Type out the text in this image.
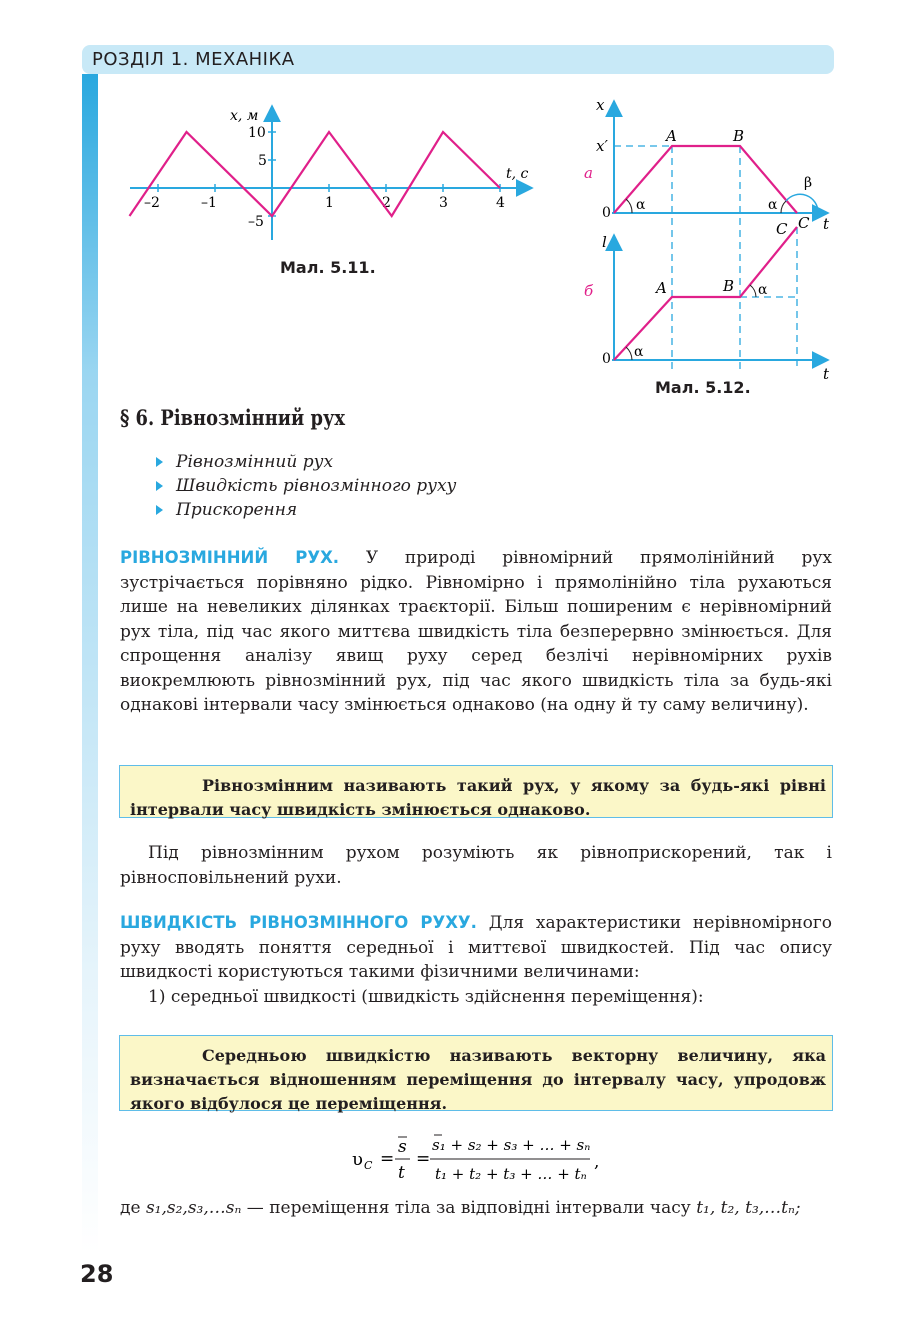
РОЗДІЛ 1. МЕХАНІКА
–2	–1	1	2	3	4
10
5
–5
x, м
t, с
Мал. 5.11.
x
x′
а
0
A	B
C
α	α
β
t
l
б
0
A	B
C
α
α
t
Мал. 5.12.
§ 6. Рівнозмінний рух
Рівнозмінний рух
Швидкість рівнозмінного руху
Прискорення
РІВНОЗМІННИЙ РУХ. У природі рівномірний прямолінійний рух зустрічається порівняно рідко. Рівномірно і прямолінійно тіла рухаються лише на невеликих ділянках траєкторії. Більш поширеним є нерівномірний рух тіла, під час якого миттєва швидкість тіла безперервно змінюється. Для спрощення аналізу явищ руху серед безлічі нерівномірних рухів виокремлюють рівнозмінний рух, під час якого швидкість тіла за будь-які однакові інтервали часу змінюється однаково (на одну й ту саму величину).
Рівнозмінним називають такий рух, у якому за будь-які рівні інтервали часу швидкість змінюється однаково.
Під рівнозмінним рухом розуміють як рівноприскорений, так і рівносповільнений рухи.
ШВИДКІСТЬ РІВНОЗМІННОГО РУХУ. Для характеристики нерівномірного руху вводять поняття середньої і миттєвої швидкостей. Під час опису швидкості користуються такими фізичними величинами:
1) середньої швидкості (швидкість здійснення переміщення):
Середньою швидкістю називають векторну величину, яка визначається відношенням переміщення до інтервалу часу, упродовж якого відбулося це переміщення.
υ C =
s
t
=
s₁ + s₂ + s₃ + … + sₙ
t₁ + t₂ + t₃ + … + tₙ
,
де s₁,s₂,s₃,…sₙ — переміщення тіла за відповідні інтервали часу t₁, t₂, t₃,…tₙ;
28
